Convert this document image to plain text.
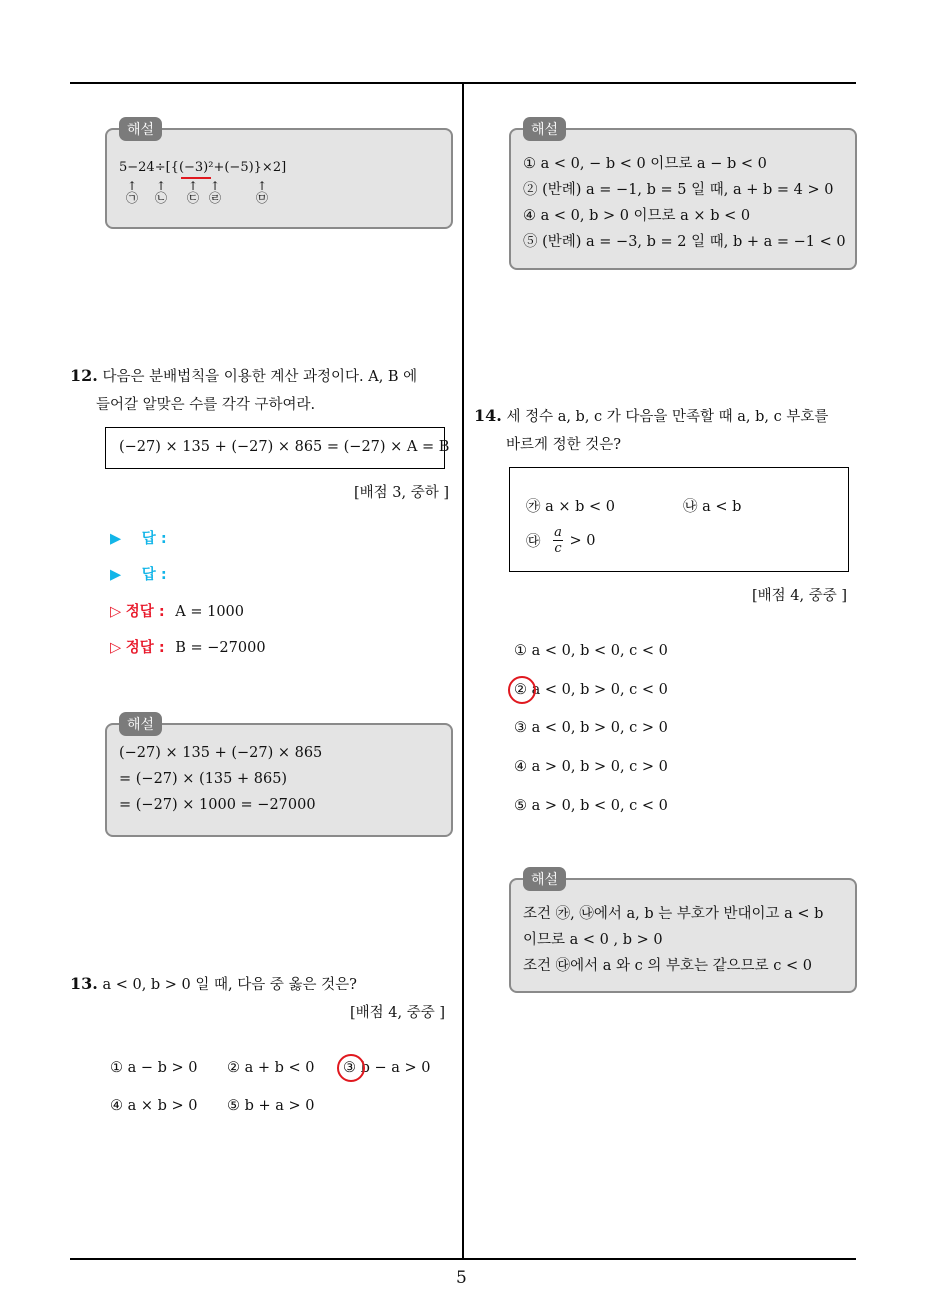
5
5−24÷[{(−3)²+(−5)}×2]
↑ ↑ ↑ ↑	↑
㉠ ㉡ ㉢ ㉣	㉤
해설
12. 다음은 분배법칙을 이용한 계산 과정이다. A, B 에
들어갈 알맞은 수를 각각 구하여라.
(−27) × 135 + (−27) × 865 = (−27) × A = B
[배점 3, 중하 ]
▶ 답 :
▶ 답 :
▷ 정답 : A = 1000
▷ 정답 : B = −27000
(−27) × 135 + (−27) × 865
= (−27) × (135 + 865)
= (−27) × 1000 = −27000
해설
13. a < 0, b > 0 일 때, 다음 중 옳은 것은?
[배점 4, 중중 ]
① a − b > 0 ② a + b < 0 ③ b − a > 0
④ a × b > 0 ⑤ b + a > 0
① a < 0, − b < 0 이므로 a − b < 0
② (반례) a = −1, b = 5 일 때, a + b = 4 > 0
④ a < 0, b > 0 이므로 a × b < 0
⑤ (반례) a = −3, b = 2 일 때, b + a = −1 < 0
해설
14. 세 정수 a, b, c 가 다음을 만족할 때 a, b, c 부호를
바르게 정한 것은?
㉮ a × b < 0	㉯ a < b
㉰ $\frac{a}{c} > 0$
[배점 4, 중중 ]
① a < 0, b < 0, c < 0
② a < 0, b > 0, c < 0
③ a < 0, b > 0, c > 0
④ a > 0, b > 0, c > 0
⑤ a > 0, b < 0, c < 0
조건 ㉮, ㉯에서 a, b 는 부호가 반대이고 a < b
이므로 a < 0 , b > 0
조건 ㉰에서 a 와 c 의 부호는 같으므로 c < 0
해설
